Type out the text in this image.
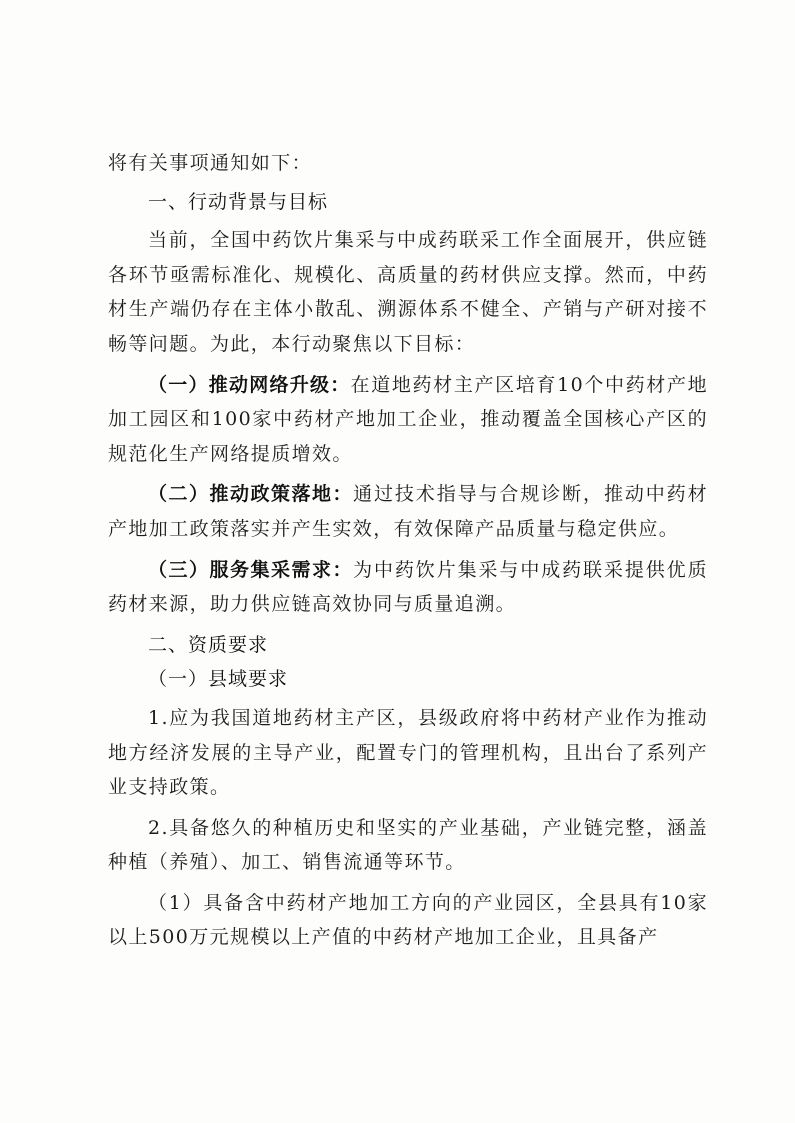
将有关事项通知如下：

一、行动背景与目标

当前，全国中药饮片集采与中成药联采工作全面展开，供应链各环节亟需标准化、规模化、高质量的药材供应支撑。然而，中药材生产端仍存在主体小散乱、溯源体系不健全、产销与产研对接不畅等问题。为此，本行动聚焦以下目标：

（一）推动网络升级：在道地药材主产区培育10个中药材产地加工园区和100家中药材产地加工企业，推动覆盖全国核心产区的规范化生产网络提质增效。

（二）推动政策落地：通过技术指导与合规诊断，推动中药材产地加工政策落实并产生实效，有效保障产品质量与稳定供应。

（三）服务集采需求：为中药饮片集采与中成药联采提供优质药材来源，助力供应链高效协同与质量追溯。

二、资质要求

（一）县域要求

1.应为我国道地药材主产区，县级政府将中药材产业作为推动地方经济发展的主导产业，配置专门的管理机构，且出台了系列产业支持政策。

2.具备悠久的种植历史和坚实的产业基础，产业链完整，涵盖种植（养殖）、加工、销售流通等环节。

（1）具备含中药材产地加工方向的产业园区，全县具有10家以上500万元规模以上产值的中药材产地加工企业，且具备产
